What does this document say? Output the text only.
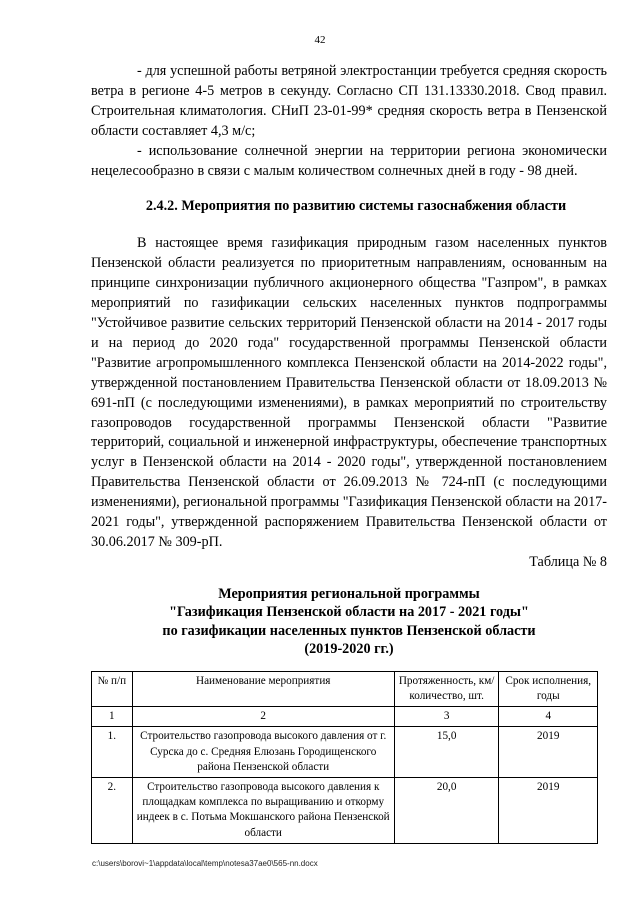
42

- для успешной работы ветряной электростанции требуется средняя скорость ветра в регионе 4-5 метров в секунду. Согласно СП 131.13330.2018. Свод правил. Строительная климатология. СНиП 23-01-99* средняя скорость ветра в Пензенской области составляет 4,3 м/с;

- использование солнечной энергии на территории региона экономически нецелесообразно в связи с малым количеством солнечных дней в году - 98 дней.

2.4.2. Мероприятия по развитию системы газоснабжения области

В настоящее время газификация природным газом населенных пунктов Пензенской области реализуется по приоритетным направлениям, основанным на принципе синхронизации публичного акционерного общества "Газпром", в рамках мероприятий по газификации сельских населенных пунктов подпрограммы "Устойчивое развитие сельских территорий Пензенской области на 2014 - 2017 годы и на период до 2020 года" государственной программы Пензенской области "Развитие агропромышленного комплекса Пензенской области на 2014-2022 годы", утвержденной постановлением Правительства Пензенской области от 18.09.2013 № 691-пП (с последующими изменениями), в рамках мероприятий по строительству газопроводов государственной программы Пензенской области "Развитие территорий, социальной и инженерной инфраструктуры, обеспечение транспортных услуг в Пензенской области на 2014 - 2020 годы", утвержденной постановлением Правительства Пензенской области от 26.09.2013 № 724-пП (с последующими изменениями), региональной программы "Газификация Пензенской области на 2017-2021 годы", утвержденной распоряжением Правительства Пензенской области от 30.06.2017 № 309-рП.

Таблица № 8

Мероприятия региональной программы
"Газификация Пензенской области на 2017 - 2021 годы"
по газификации населенных пунктов Пензенской области
(2019-2020 гг.)
№ п/п	Наименование мероприятия	Протяженность, км/количество, шт.	Срок исполнения, годы
1	2	3	4
1.	Строительство газопровода высокого давления от г. Сурска до с. Средняя Елюзань Городищенского района Пензенской области	15,0	2019
2.	Строительство газопровода высокого давления к площадкам комплекса по выращиванию и откорму индеек в с. Потьма Мокшанского района Пензенской области	20,0	2019
c:\users\borovi~1\appdata\local\temp\notesa37ae0\565-nn.docx
